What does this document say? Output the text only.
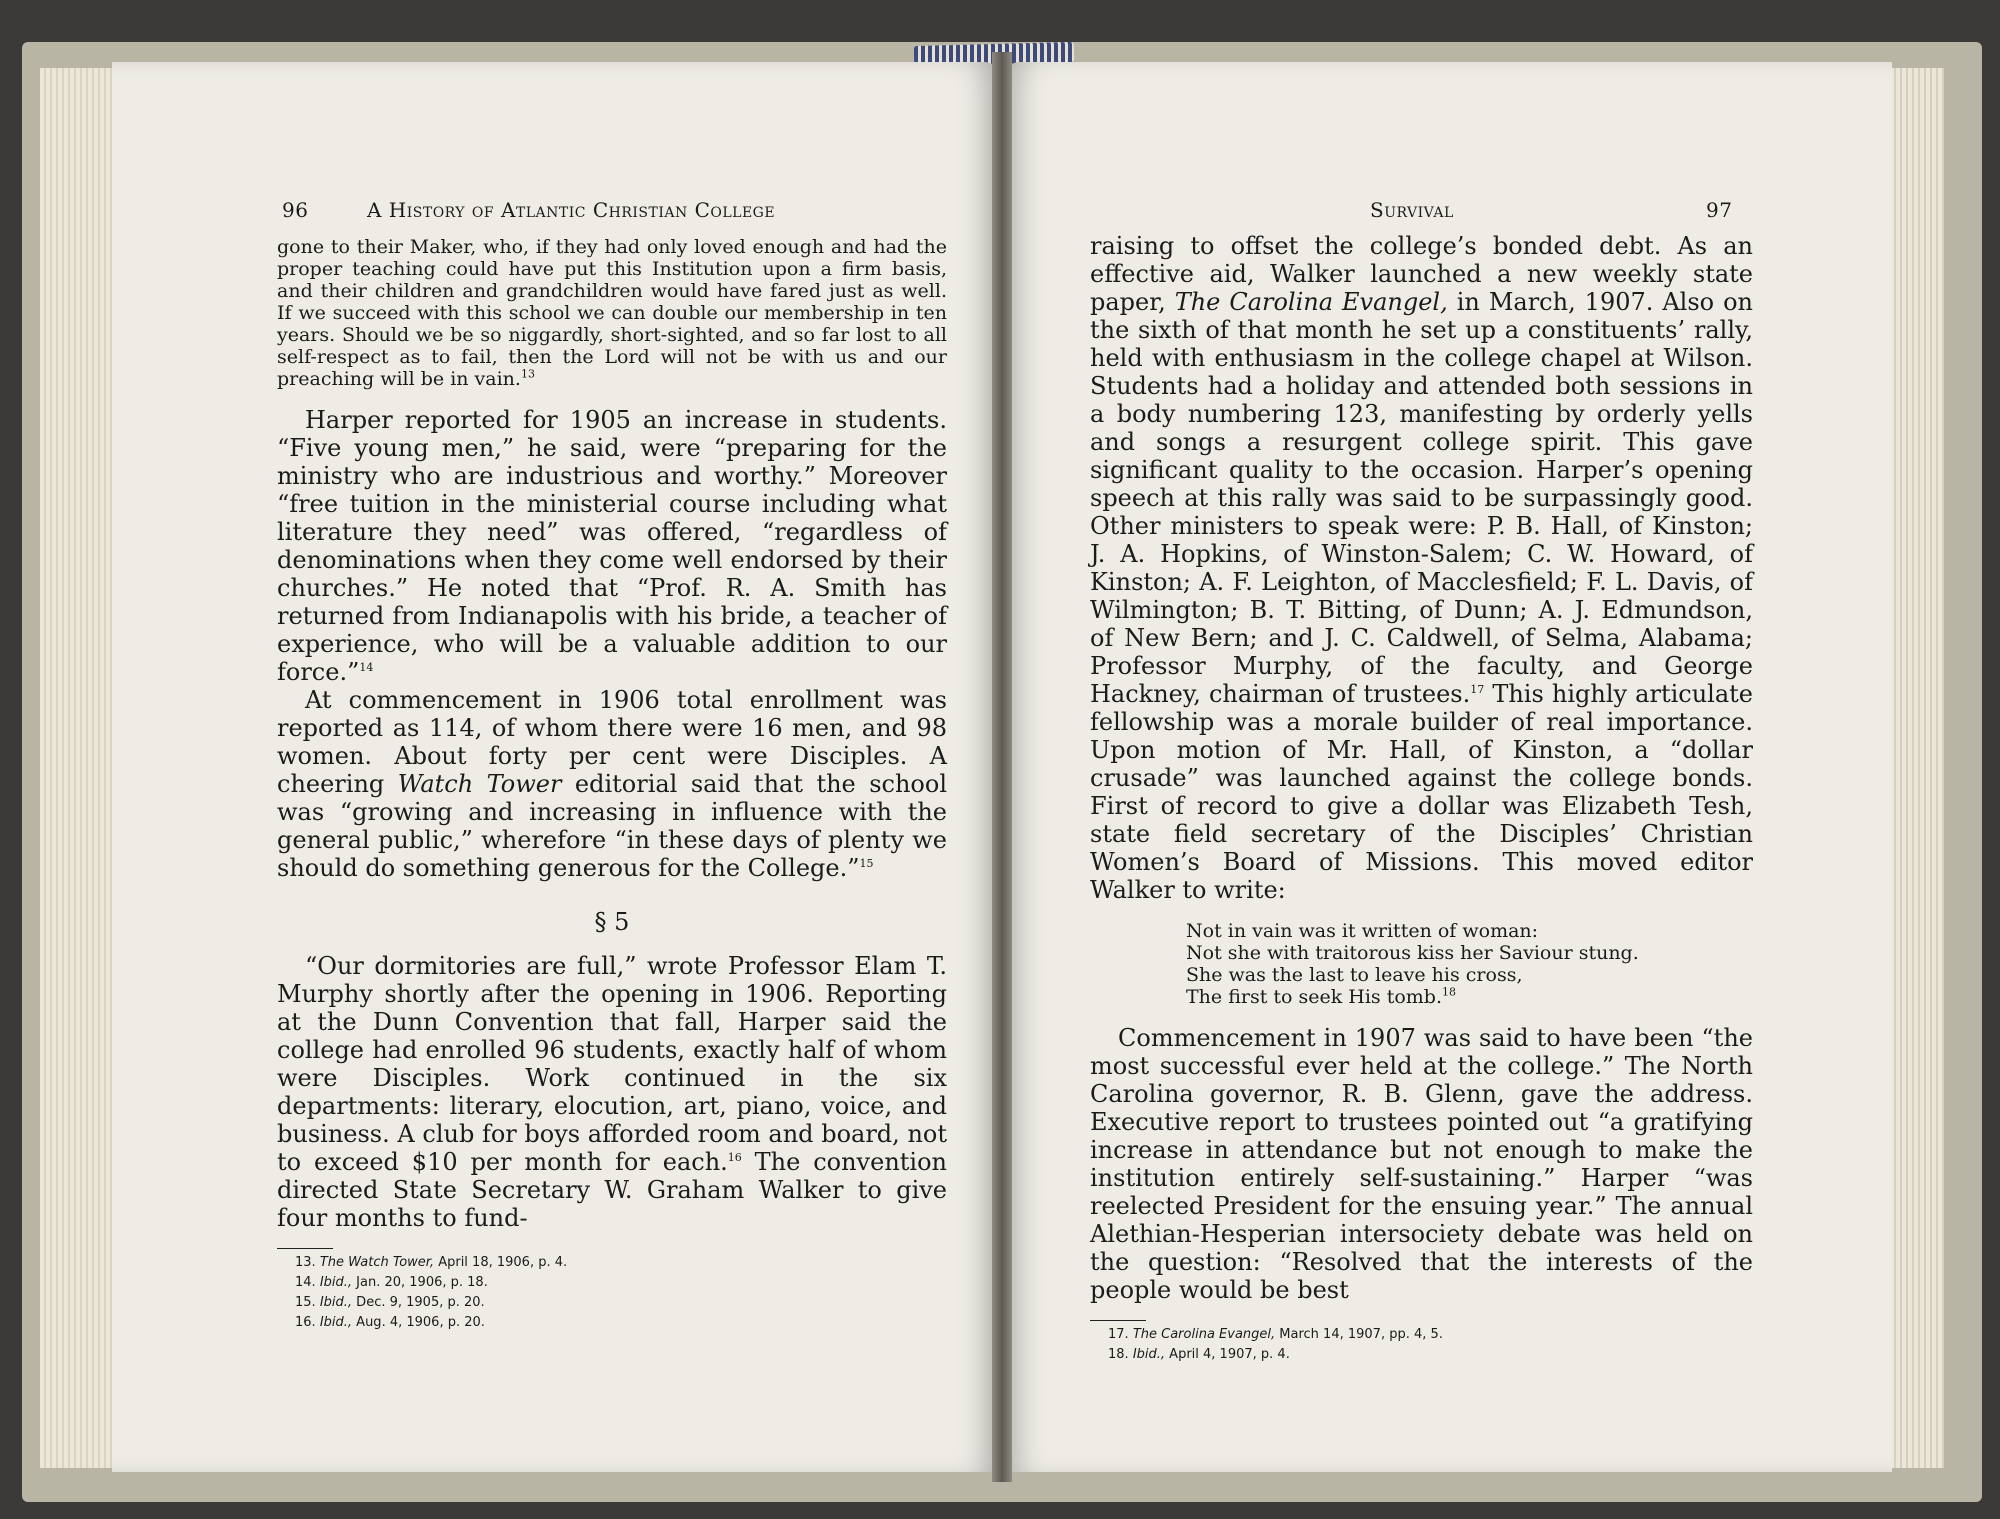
96	A History of Atlantic Christian College

gone to their Maker, who, if they had only loved enough and had the proper teaching could have put this Institution upon a firm basis, and their children and grandchildren would have fared just as well. If we succeed with this school we can double our membership in ten years. Should we be so niggardly, short-sighted, and so far lost to all self-respect as to fail, then the Lord will not be with us and our preaching will be in vain.$^{13}$

Harper reported for 1905 an increase in students. “Five young men,” he said, were “preparing for the ministry who are industrious and worthy.” Moreover “free tuition in the ministerial course including what literature they need” was offered, “regardless of denominations when they come well endorsed by their churches.” He noted that “Prof. R. A. Smith has returned from Indianapolis with his bride, a teacher of experience, who will be a valuable addition to our force.”$^{14}$

At commencement in 1906 total enrollment was reported as 114, of whom there were 16 men, and 98 women. About forty per cent were Disciples. A cheering Watch Tower editorial said that the school was “growing and increasing in influence with the general public,” wherefore “in these days of plenty we should do something generous for the College.”$^{15}$

§ 5

“Our dormitories are full,” wrote Professor Elam T. Murphy shortly after the opening in 1906. Reporting at the Dunn Convention that fall, Harper said the college had enrolled 96 students, exactly half of whom were Disciples. Work continued in the six departments: literary, elocution, art, piano, voice, and business. A club for boys afforded room and board, not to exceed $10 per month for each.$^{16}$ The convention directed State Secretary W. Graham Walker to give four months to fund-

13. The Watch Tower, April 18, 1906, p. 4.
14. Ibid., Jan. 20, 1906, p. 18.
15. Ibid., Dec. 9, 1905, p. 20.
16. Ibid., Aug. 4, 1906, p. 20.
Survival	97

raising to offset the college’s bonded debt. As an effective aid, Walker launched a new weekly state paper, The Carolina Evangel, in March, 1907. Also on the sixth of that month he set up a constituents’ rally, held with enthusiasm in the college chapel at Wilson. Students had a holiday and attended both sessions in a body numbering 123, manifesting by orderly yells and songs a resurgent college spirit. This gave significant quality to the occasion. Harper’s opening speech at this rally was said to be surpassingly good. Other ministers to speak were: P. B. Hall, of Kinston; J. A. Hopkins, of Winston-Salem; C. W. Howard, of Kinston; A. F. Leighton, of Macclesfield; F. L. Davis, of Wilmington; B. T. Bitting, of Dunn; A. J. Edmundson, of New Bern; and J. C. Caldwell, of Selma, Alabama; Professor Murphy, of the faculty, and George Hackney, chairman of trustees.$^{17}$ This highly articulate fellowship was a morale builder of real importance. Upon motion of Mr. Hall, of Kinston, a “dollar crusade” was launched against the college bonds. First of record to give a dollar was Elizabeth Tesh, state field secretary of the Disciples’ Christian Women’s Board of Missions. This moved editor Walker to write:

Not in vain was it written of woman:
Not she with traitorous kiss her Saviour stung.
She was the last to leave his cross,
The first to seek His tomb.$^{18}$

Commencement in 1907 was said to have been “the most successful ever held at the college.” The North Carolina governor, R. B. Glenn, gave the address. Executive report to trustees pointed out “a gratifying increase in attendance but not enough to make the institution entirely self-sustaining.” Harper “was reelected President for the ensuing year.” The annual Alethian-Hesperian intersociety debate was held on the question: “Resolved that the interests of the people would be best

17. The Carolina Evangel, March 14, 1907, pp. 4, 5.
18. Ibid., April 4, 1907, p. 4.
